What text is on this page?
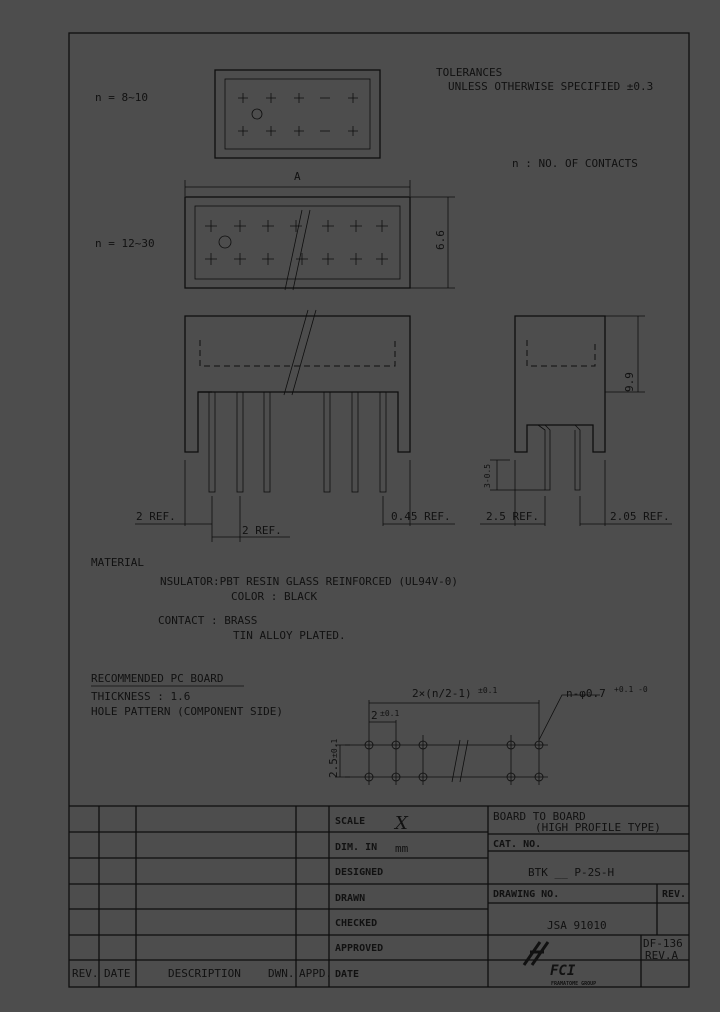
n = 8~10
n = 12~30
TOLERANCES
UNLESS OTHERWISE SPECIFIED ±0.3
n : NO. OF CONTACTS
A
6.6
9.9
3-0.5
2 REF.
2 REF.
0.45 REF.	2.5 REF.	2.05 REF.
MATERIAL
NSULATOR:PBT RESIN GLASS REINFORCED (UL94V-0)
COLOR : BLACK
CONTACT : BRASS
TIN ALLOY PLATED.
RECOMMENDED PC BOARD
THICKNESS : 1.6
HOLE PATTERN (COMPONENT SIDE)
2×(n/2-1) ±0.1	n-φ0.7 +0.1 -0
2 ±0.1
2.5
±0.1
SCALE X
DIM. IN mm
DESIGNED
DRAWN
CHECKED
APPROVED
DATE
REV. DATE	DESCRIPTION DWN. APPD.
BOARD TO BOARD
(HIGH PROFILE TYPE)
CAT. NO.
BTK __ P-2S-H
DRAWING NO.	REV.
JSA 91010
DF-136
REV.A
FCI
FRAMATOME GROUP
